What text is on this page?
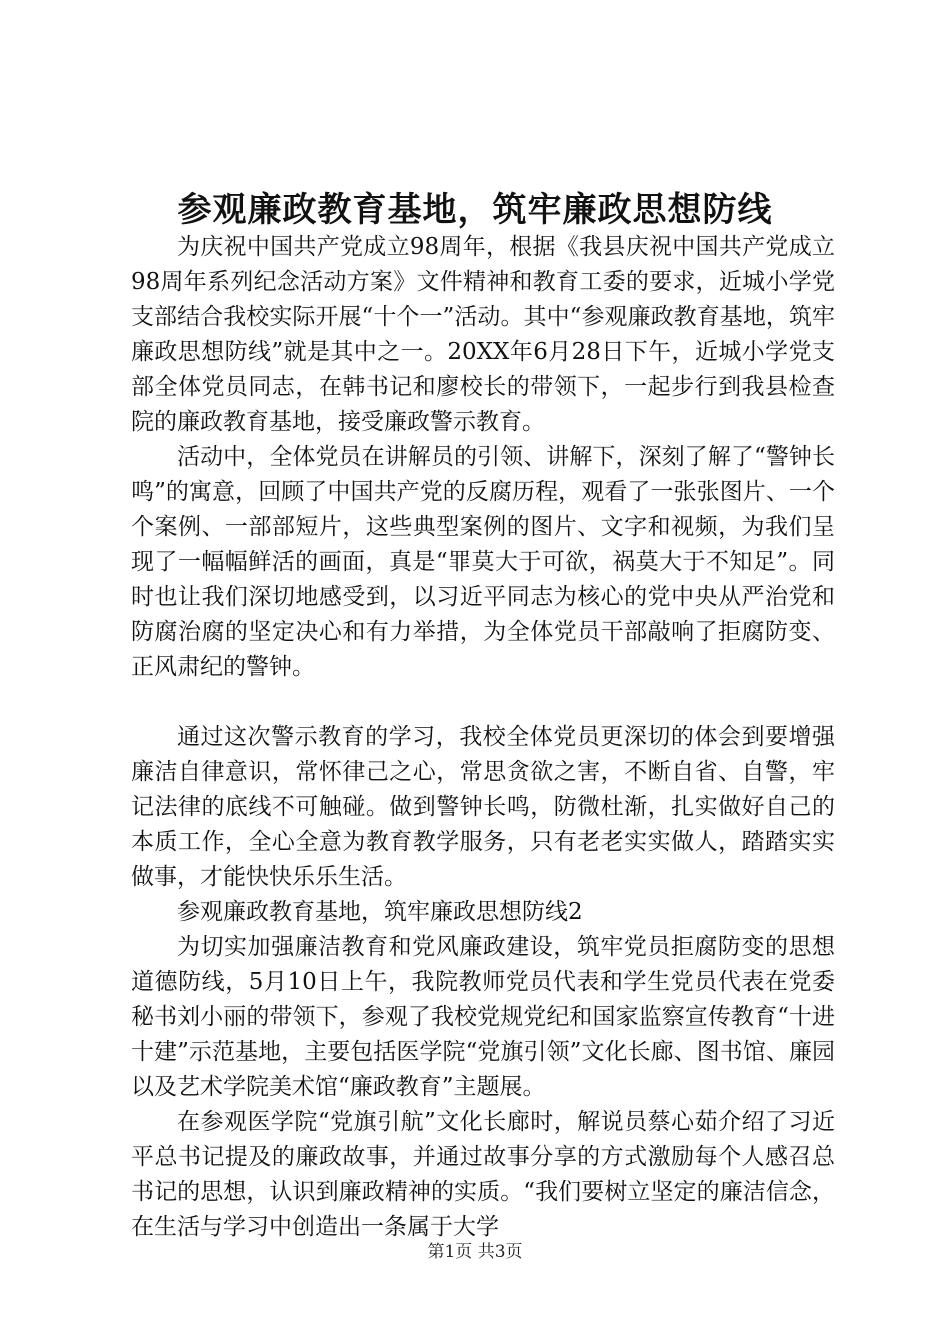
参观廉政教育基地，筑牢廉政思想防线

为庆祝中国共产党成立98周年，根据《我县庆祝中国共产党成立98周年系列纪念活动方案》文件精神和教育工委的要求，近城小学党支部结合我校实际开展“十个一”活动。其中“参观廉政教育基地，筑牢廉政思想防线”就是其中之一。20XX年6月28日下午，近城小学党支部全体党员同志，在韩书记和廖校长的带领下，一起步行到我县检查院的廉政教育基地，接受廉政警示教育。

活动中，全体党员在讲解员的引领、讲解下，深刻了解了“警钟长鸣”的寓意，回顾了中国共产党的反腐历程，观看了一张张图片、一个个案例、一部部短片，这些典型案例的图片、文字和视频，为我们呈现了一幅幅鲜活的画面，真是“罪莫大于可欲，祸莫大于不知足”。同时也让我们深切地感受到，以习近平同志为核心的党中央从严治党和防腐治腐的坚定决心和有力举措，为全体党员干部敲响了拒腐防变、正风肃纪的警钟。

通过这次警示教育的学习，我校全体党员更深切的体会到要增强廉洁自律意识，常怀律己之心，常思贪欲之害，不断自省、自警，牢记法律的底线不可触碰。做到警钟长鸣，防微杜渐，扎实做好自己的本质工作，全心全意为教育教学服务，只有老老实实做人，踏踏实实做事，才能快快乐乐生活。

参观廉政教育基地，筑牢廉政思想防线2

为切实加强廉洁教育和党风廉政建设，筑牢党员拒腐防变的思想道德防线，5月10日上午，我院教师党员代表和学生党员代表在党委秘书刘小丽的带领下，参观了我校党规党纪和国家监察宣传教育“十进十建”示范基地，主要包括医学院“党旗引领”文化长廊、图书馆、廉园以及艺术学院美术馆“廉政教育”主题展。

在参观医学院“党旗引航”文化长廊时，解说员蔡心茹介绍了习近平总书记提及的廉政故事，并通过故事分享的方式激励每个人感召总书记的思想，认识到廉政精神的实质。“我们要树立坚定的廉洁信念，在生活与学习中创造出一条属于大学

第1页 共3页
